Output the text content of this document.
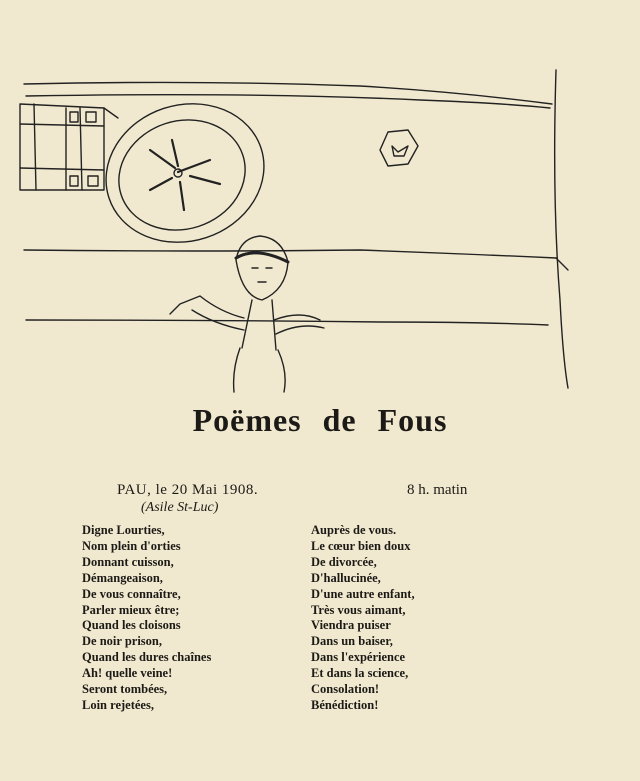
Poëmes de Fous
PAU, le 20 Mai 1908.	8 h. matin
(Asile St-Luc)
Digne Lourties,
Nom plein d'orties
Donnant cuisson,
Démangeaison,
De vous connaître,
Parler mieux être;
Quand les cloisons
De noir prison,
Quand les dures chaînes
Ah! quelle veine!
Seront tombées,
Loin rejetées,
Auprès de vous.
Le cœur bien doux
De divorcée,
D'hallucinée,
D'une autre enfant,
Très vous aimant,
Viendra puiser
Dans un baiser,
Dans l'expérience
Et dans la science,
Consolation!
Bénédiction!
